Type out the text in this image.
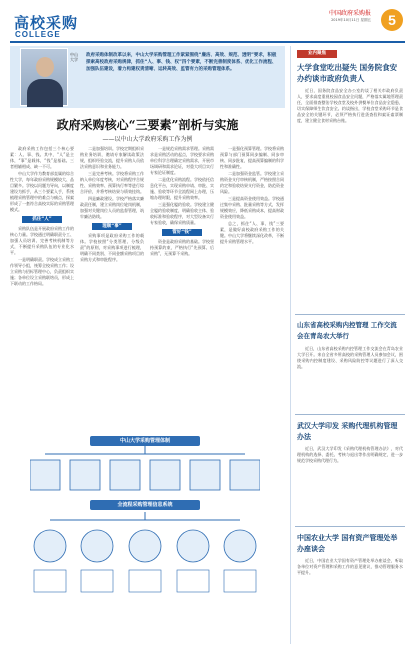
高校采购
COLLEGE
中国政府采购报
2019年10月11日 星期五	5
中山大学
政府采购体制改革以来，中山大学采购管理工作紧紧围绕“廉洁、高效、规范、透明”要求，积极探索高校政府采购规律，抓住“人、事、钱、权”四个要素，不断完善制度体系、优化工作流程、加强队伍建设，着力构建权责清晰、运转高效、监管有力的采购管理体系。
政府采购核心“三要素”剖析与实施
——以中山大学政府采购工作为例

政府采购工作包括三个核心要素：人、事、钱。其中，“人”是主体，“事”是载体，“钱”是基础。三者相辅相成、缺一不可。

中山大学作为教育部直属的综合性大学，每年政府采购规模较大、品目繁多。学校以问题为导向，以制度建设为抓手，从三个要素入手，系统梳理采购管理中的难点与痛点，探索形成了一套符合高校实际的采购管理模式。

抓住“人”

采购队伍是开展政府采购工作的核心力量。学校通过明确职责分工、加强人员培训、完善考核机制等方式，不断提升采购队伍的专业化水平。

一是明确职责。学校成立采购工作领导小组，统筹全校采购工作；设立采购与招标管理中心，负责组织实施；各单位设立采购联络员，形成上下联动的工作格局。

二是加强培训。学校定期组织采购业务培训，邀请专家解读政策法规，组织经验交流，提升采购人员依法采购意识和业务能力。

三是完善考核。学校将采购工作纳入单位年度考核，对采购程序合规性、采购效率、预算执行率等进行综合评价，并将考核结果与绩效挂钩。

四是廉政建设。学校严格落实廉政责任制，建立采购岗位轮岗机制，加强对关键岗位人员的监督管理，筑牢廉洁防线。

理顺“事”

采购事项是政府采购工作的载体。学校按照“分类管理、分级负责”的原则，对采购事项进行梳理，明确不同类别、不同金额采购项目的采购方式和审批程序。

一是规范采购需求管理。采购需求是采购活动的起点，学校要求采购单位科学合理确定采购需求，开展市场调研和需求论证，对重大项目实行专家论证制度。

二是优化采购流程。学校依托信息化平台，实现采购申请、审批、实施、验收等环节全流程网上办理，压缩办理时限，提升采购效率。

三是强化履约验收。学校建立健全履约验收制度，明确验收主体、验收标准和验收程序，对大型设备实行专家验收，确保采购质量。

管好“钱”

资金是政府采购的基础。学校坚持预算约束，严格执行“先预算、后采购”，无预算不采购。

一是强化预算管理。学校将采购预算与部门预算同步编制、同步审核、同步批复，提高预算编制的科学性和准确性。

二是加强资金监管。学校建立采购资金支付审核机制，严格按照合同约定和验收结果支付资金，防范资金风险。

三是提高资金使用效益。学校通过集中采购、批量采购等方式，发挥规模效应，降低采购成本，提高财政资金使用效益。

总之，抓住“人、事、钱”三要素，是做好高校政府采购工作的关键。中山大学将继续深化改革，不断提升采购管理水平。

中山大学采购管理体制
全流程采购管理信息系统
业内聚焦
大学食堂吃出疑失 国务院食安办约谈市政府负责人
近日，国务院食品安全办公室约谈了相关市政府负责人，要求高度重视校园食品安全问题，严格落实属地管理责任，全面排查整治学校食堂及校外供餐单位食品安全隐患，切实保障师生饮食安全。约谈指出，学校食堂采购环节是食品安全的关键环节，必须严格执行进货查验和索证索票制度，建立健全食材采购台账。
山东省高校采购内控管理 工作交流会在青岛农大举行
近日，山东省高校采购内控管理工作交流会在青岛农业大学召开。来自全省多所高校的采购管理人员参加会议，围绕采购内控制度建设、采购风险防控等议题进行了深入交流。
武汉大学印发 采购代理机构管理办法
近日，武汉大学印发《采购代理机构管理办法》，对代理机构的选择、委托、考核与退出等作出明确规定，进一步规范学校采购代理行为。
中国农业大学 国有资产管理处举办座谈会
近日，中国农业大学国有资产管理处举办座谈会，听取各单位对资产管理和采购工作的意见建议，推动管理服务水平提升。
